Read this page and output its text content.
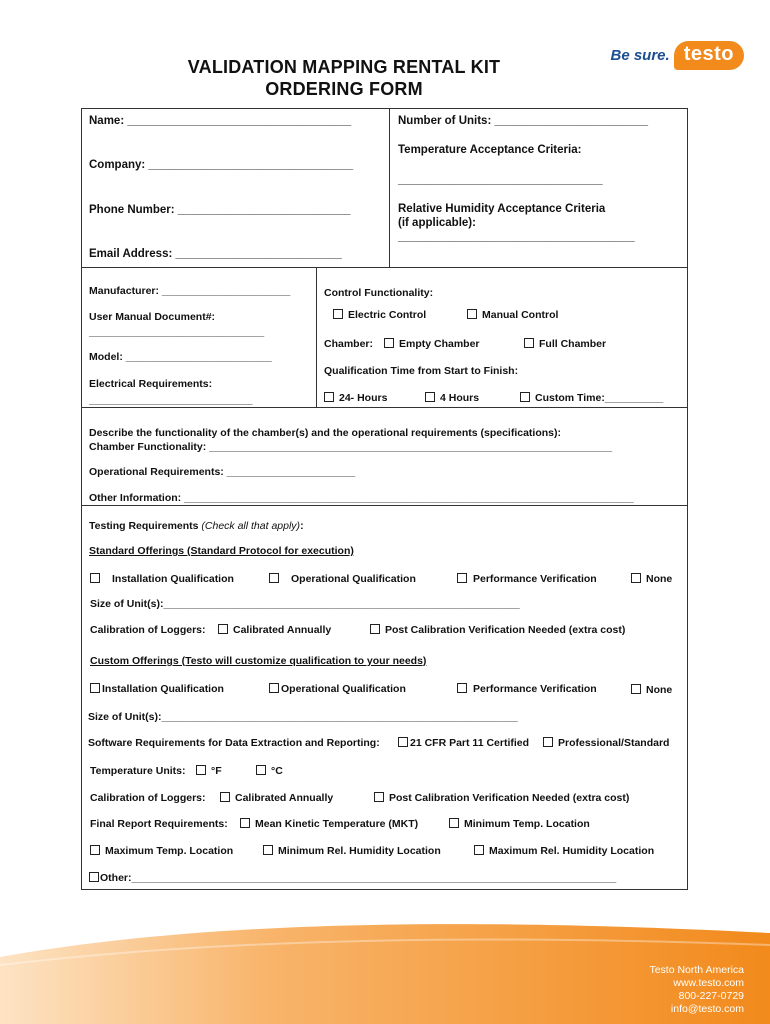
VALIDATION MAPPING RENTAL KIT
ORDERING FORM
Be sure. testo
Name: ___________________________________
Company: ________________________________
Phone Number: ___________________________
Email Address: __________________________
Number of Units: ________________________
Temperature Acceptance Criteria:
________________________________
Relative Humidity Acceptance Criteria
(if applicable):
_____________________________________
Manufacturer: ______________________
User Manual Document#:
______________________________
Model: _________________________
Electrical Requirements:
____________________________
Control Functionality:
Electric Control	Manual Control
Chamber:	Empty Chamber	Full Chamber
Qualification Time from Start to Finish:
24- Hours	4 Hours	Custom Time:__________
Describe the functionality of the chamber(s) and the operational requirements (specifications):
Chamber Functionality: _____________________________________________________________________
Operational Requirements: ______________________
Other Information: _____________________________________________________________________________
Testing Requirements (Check all that apply):
Standard Offerings (Standard Protocol for execution)
Installation Qualification	Operational Qualification	Performance Verification	None
Size of Unit(s):_____________________________________________________________
Calibration of Loggers:	Calibrated Annually	Post Calibration Verification Needed (extra cost)
Custom Offerings (Testo will customize qualification to your needs)
Installation Qualification	Operational Qualification	Performance Verification	None
Size of Unit(s):_____________________________________________________________
Software Requirements for Data Extraction and Reporting:	21 CFR Part 11 Certified	Professional/Standard
Temperature Units:	°F	°C
Calibration of Loggers:	Calibrated Annually	Post Calibration Verification Needed (extra cost)
Final Report Requirements:	Mean Kinetic Temperature (MKT)	Minimum Temp. Location
Maximum Temp. Location	Minimum Rel. Humidity Location	Maximum Rel. Humidity Location
Other:___________________________________________________________________________________
Testo North America
www.testo.com
800-227-0729
info@testo.com
